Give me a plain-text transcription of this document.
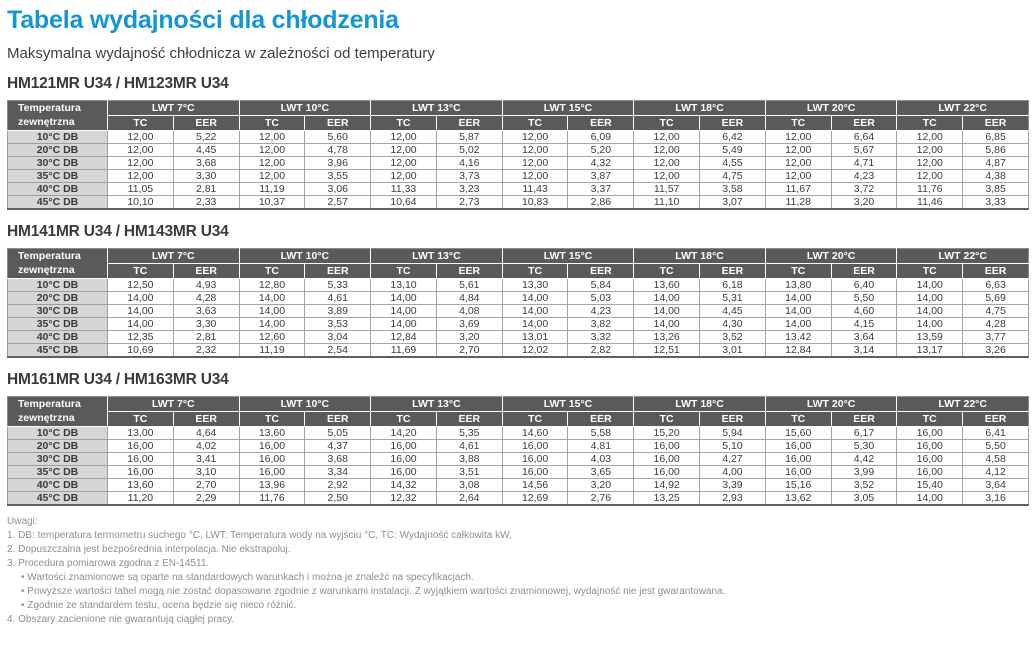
Tabela wydajności dla chłodzenia
Maksymalna wydajność chłodnicza w zależności od temperatury
HM121MR U34 / HM123MR U34
Temperatura
zewnętrzna	LWT 7°C		LWT 10°C		LWT 13°C		LWT 15°C		LWT 18°C		LWT 20°C		LWT 22°C	
	TC	EER	TC	EER	TC	EER	TC	EER	TC	EER	TC	EER	TC	EER
10°C DB	12,00	5,22	12,00	5,60	12,00	5,87	12,00	6,09	12,00	6,42	12,00	6,64	12,00	6,85
20°C DB	12,00	4,45	12,00	4,78	12,00	5,02	12,00	5,20	12,00	5,49	12,00	5,67	12,00	5,86
30°C DB	12,00	3,68	12,00	3,96	12,00	4,16	12,00	4,32	12,00	4,55	12,00	4,71	12,00	4,87
35°C DB	12,00	3,30	12,00	3,55	12,00	3,73	12,00	3,87	12,00	4,75	12,00	4,23	12,00	4,38
40°C DB	11,05	2,81	11,19	3,06	11,33	3,23	11,43	3,37	11,57	3,58	11,67	3,72	11,76	3,85
45°C DB	10,10	2,33	10,37	2,57	10,64	2,73	10,83	2,86	11,10	3,07	11,28	3,20	11,46	3,33
HM141MR U34 / HM143MR U34
Temperatura
zewnętrzna	LWT 7°C		LWT 10°C		LWT 13°C		LWT 15°C		LWT 18°C		LWT 20°C		LWT 22°C	
	TC	EER	TC	EER	TC	EER	TC	EER	TC	EER	TC	EER	TC	EER
10°C DB	12,50	4,93	12,80	5,33	13,10	5,61	13,30	5,84	13,60	6,18	13,80	6,40	14,00	6,63
20°C DB	14,00	4,28	14,00	4,61	14,00	4,84	14,00	5,03	14,00	5,31	14,00	5,50	14,00	5,69
30°C DB	14,00	3,63	14,00	3,89	14,00	4,08	14,00	4,23	14,00	4,45	14,00	4,60	14,00	4,75
35°C DB	14,00	3,30	14,00	3,53	14,00	3,69	14,00	3,82	14,00	4,30	14,00	4,15	14,00	4,28
40°C DB	12,35	2,81	12,60	3,04	12,84	3,20	13,01	3,32	13,26	3,52	13,42	3,64	13,59	3,77
45°C DB	10,69	2,32	11,19	2,54	11,69	2,70	12,02	2,82	12,51	3,01	12,84	3,14	13,17	3,26
HM161MR U34 / HM163MR U34
Temperatura
zewnętrzna	LWT 7°C		LWT 10°C		LWT 13°C		LWT 15°C		LWT 18°C		LWT 20°C		LWT 22°C	
	TC	EER	TC	EER	TC	EER	TC	EER	TC	EER	TC	EER	TC	EER
10°C DB	13,00	4,64	13,60	5,05	14,20	5,35	14,60	5,58	15,20	5,94	15,60	6,17	16,00	6,41
20°C DB	16,00	4,02	16,00	4,37	16,00	4,61	16,00	4,81	16,00	5,10	16,00	5,30	16,00	5,50
30°C DB	16,00	3,41	16,00	3,68	16,00	3,88	16,00	4,03	16,00	4,27	16,00	4,42	16,00	4,58
35°C DB	16,00	3,10	16,00	3,34	16,00	3,51	16,00	3,65	16,00	4,00	16,00	3,99	16,00	4,12
40°C DB	13,60	2,70	13,96	2,92	14,32	3,08	14,56	3,20	14,92	3,39	15,16	3,52	15,40	3,64
45°C DB	11,20	2,29	11,76	2,50	12,32	2,64	12,69	2,76	13,25	2,93	13,62	3,05	14,00	3,16
Uwagi:
1. DB: temperatura termometru suchego °C, LWT: Temperatura wody na wyjściu °C, TC: Wydajność całkowita kW,
2. Dopuszczalna jest bezpośrednia interpolacja. Nie ekstrapoluj.
3. Procedura pomiarowa zgodna z EN-14511.
• Wartości znamionowe są oparte na standardowych warunkach i można je znaleźć na specyfikacjach.
• Powyższe wartości tabel mogą nie zostać dopasowane zgodnie z warunkami instalacji. Z wyjątkiem wartości znamionowej, wydajność nie jest gwarantowana.
• Zgodnie ze standardem testu, ocena będzie się nieco różnić.
4. Obszary zacienione nie gwarantują ciągłej pracy.
